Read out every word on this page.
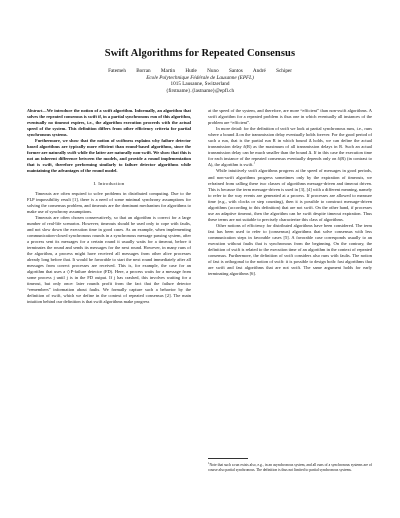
Swift Algorithms for Repeated Consensus
Fatemeh Borran Martin Hutle Nuno Santos André Schiper
Ecole Polytechnique Fédérale de Lausanne (EPFL)
1015 Lausanne, Switzerland
{firstname}.{lastname}@epfl.ch

Abstract—We introduce the notion of a swift algorithm. Informally, an algorithm that solves the repeated consensus is swift if, in a partial synchronous run of this algorithm, eventually no timeout expires, i.e., the algorithm execution proceeds with the actual speed of the system. This definition differs from other efficiency criteria for partial synchronous systems.

Furthermore, we show that the notion of swiftness explains why failure detector based algorithms are typically more efficient than round-based algorithms, since the former are naturally swift while the latter are naturally non-swift. We show that this is not an inherent difference between the models, and provide a round implementation that is swift, therefore performing similarly to failure detector algorithms while maintaining the advantages of the round model.

I. Introduction

Timeouts are often required to solve problems in distributed computing. Due to the FLP impossibility result [1], there is a need of some minimal synchrony assumptions for solving the consensus problem, and timeouts are the dominant mechanism for algorithms to make use of synchrony assumptions.

Timeouts are often chosen conservatively, so that an algorithm is correct for a large number of real-life scenarios. However, timeouts should be used only to cope with faults, and not slow down the execution time in good cases. As an example, when implementing communication-closed synchronous rounds in a synchronous message passing system, after a process sent its messages for a certain round it usually waits for a timeout, before it terminates the round and sends its messages for the next round. However, in many runs of the algorithm, a process might have received all messages from other alive processes already long before that. It would be favorable to start the next round immediately after all messages from correct processes are received. This is, for example, the case for an algorithm that uses a ◇P-failure detector (FD). Here, a process waits for a message from some process j until j is in the FD output. If j has crashed, this involves waiting for a timeout, but only once: later rounds profit from the fact that the failure detector “remembers” information about faults. We formally capture such a behavior by the definition of swift, which we define in the context of repeated consensus [2]. The main intuition behind our definition is that swift algorithms make progress

at the speed of the system, and therefore, are more “efficient” than non-swift algorithms. A swift algorithm for a repeated problem is thus one in which eventually all instances of the problem are “efficient”.

In more detail: for the definition of swift we look at partial synchronous runs, i.e., runs where a bound Δ on the transmission delay eventually holds forever. For the good period of such a run, that is the partial run R in which bound Δ holds, we can define the actual transmission delay δ(R) as the maximum of all transmission delays in R. Such an actual transmission delay can be much smaller than the bound Δ. If in this case the execution time for each instance of the repeated consensus eventually depends only on δ(R) (in contrast to Δ), the algorithm is swift.$^1$

While intuitively swift algorithms progress at the speed of messages in good periods, and non-swift algorithms progress sometimes only by the expiration of timeouts, we refrained from calling these two classes of algorithms message-driven and timeout driven. This is because the term message-driven is used in [3], [4] with a different meaning, namely to refer to the way events are generated at a process. If processes are allowed to measure time (e.g., with clocks or step counting), then it is possible to construct message-driven algorithms (according to this definition) that are not swift. On the other hand, if processes use an adaptive timeout, then the algorithm can be swift despite timeout expiration. Thus these terms are not suitable to precisely characterize this class of algorithms.

Other notions of efficiency for distributed algorithms have been considered. The term fast has been used to refer to (consensus) algorithms that solve consensus with less communication steps in favorable cases [5]. A favorable case corresponds usually to an execution without faults that is synchronous from the beginning. On the contrary, the definition of swift is related to the execution time of an algorithm in the context of repeated consensus. Furthermore, the definition of swift considers also runs with faults. The notion of fast is orthogonal to the notion of swift: it is possible to design both: fast algorithms that are swift and fast algorithms that are not swift. The same argument holds for early terminating algorithms [6].

$^1$Note that such a run exists also, e.g., in an asynchronous system, and all runs of a synchronous systems are of course also partial synchronous. The definition is thus not limited to partial synchronous systems.
